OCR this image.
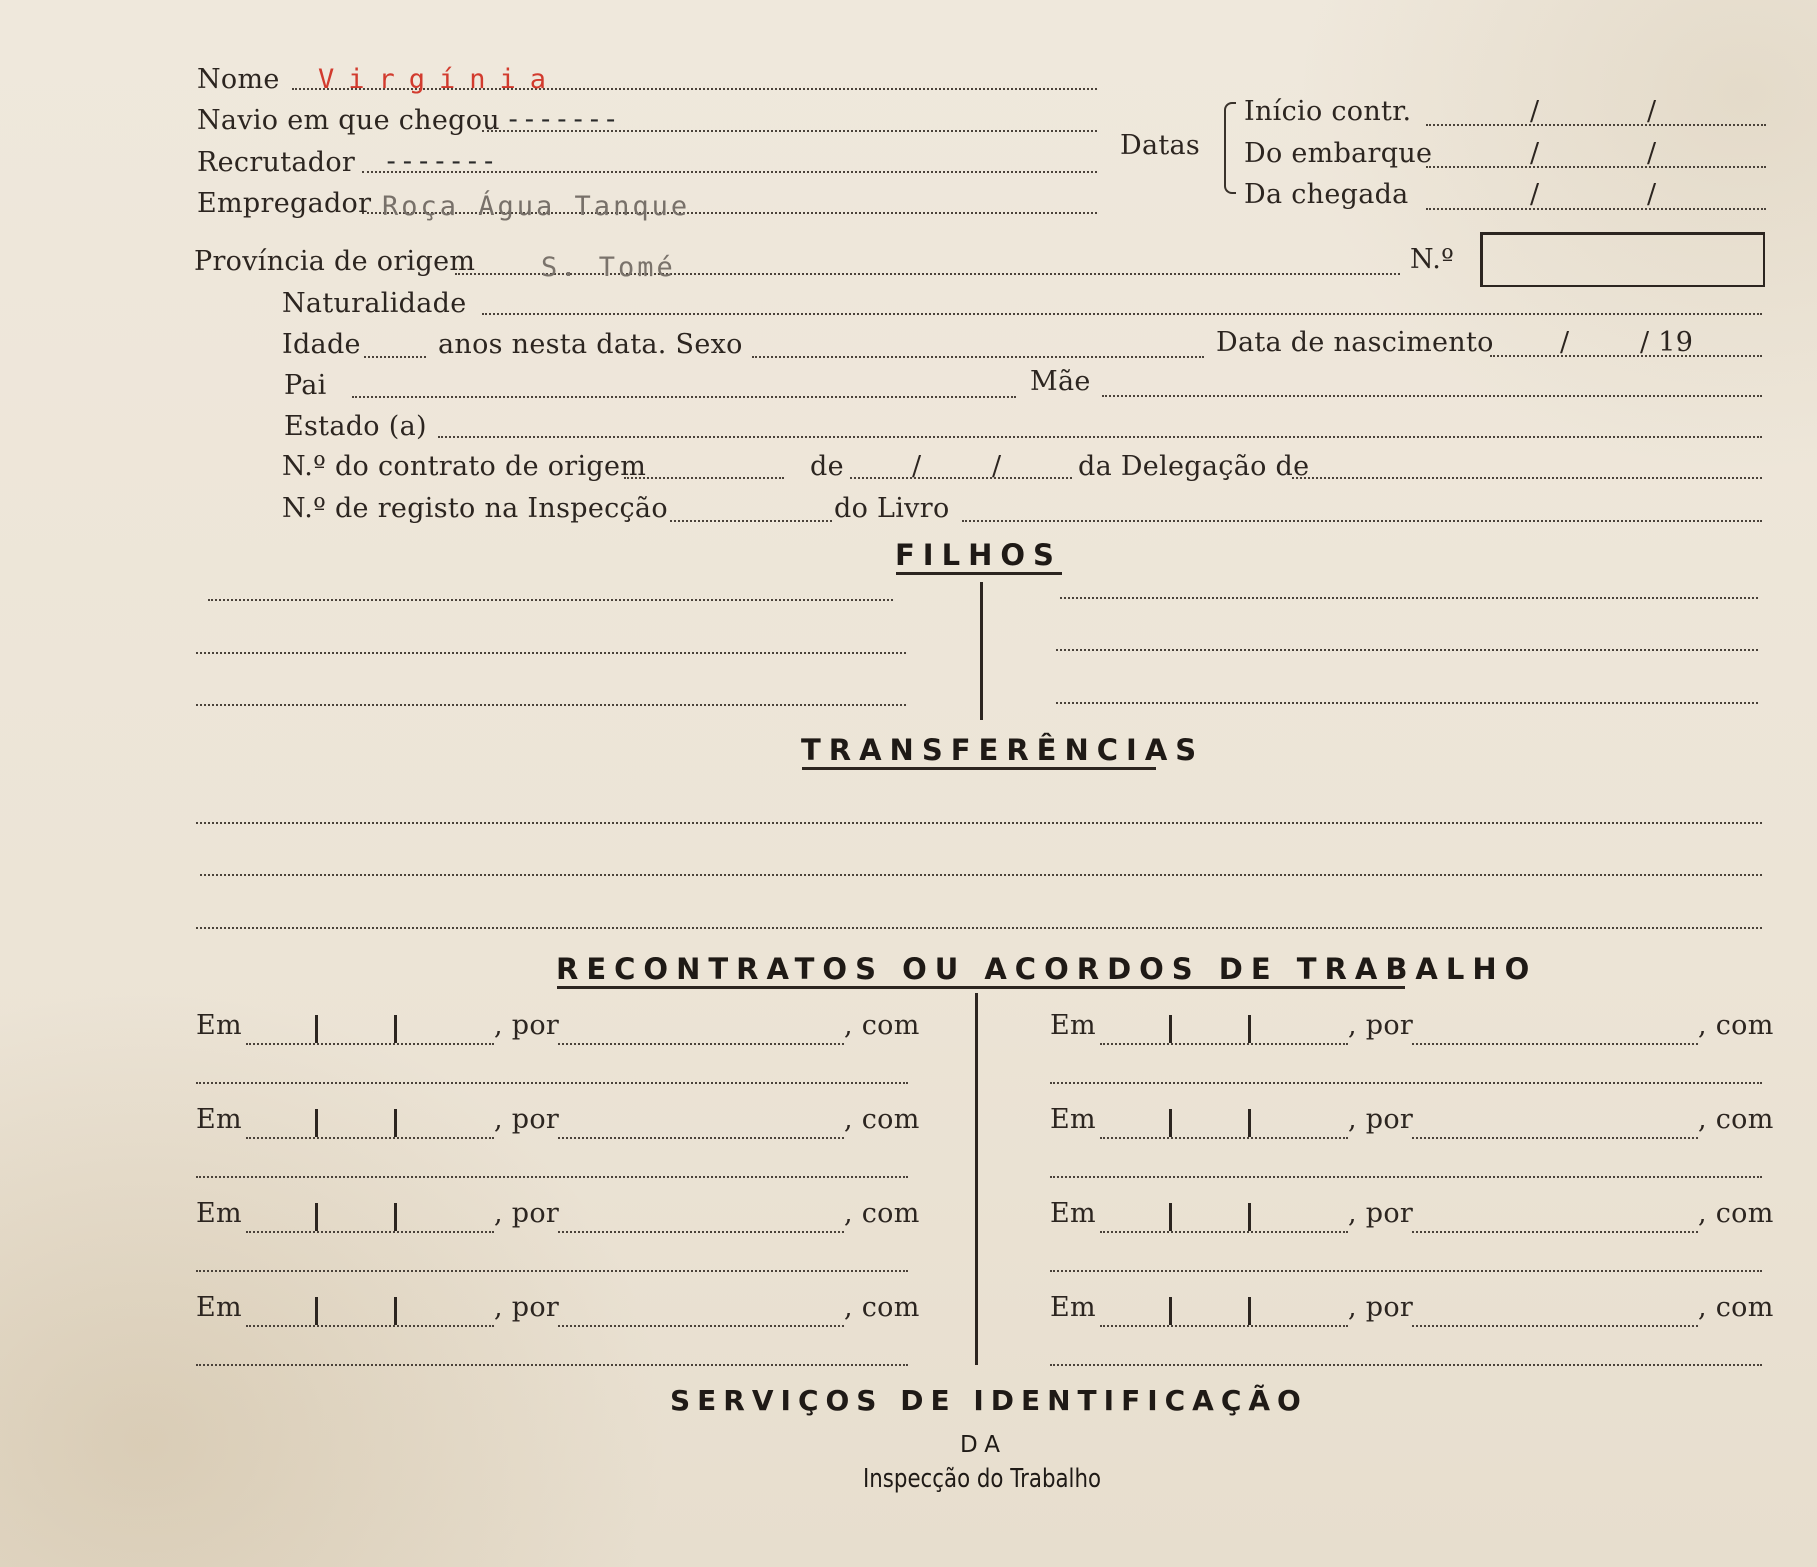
Nome Virgínia
Navio em que chegou -------
Recrutador -------
Empregador Roça Água Tanque
Datas
Início contr.	/	/
Do embarque	/	/
Da chegada	/	/
Província de origem S. Tomé	N.º
Naturalidade
Idade	anos nesta data. Sexo	Data de nascimento /	/ 19
Pai	Mãe
Estado (a)
N.º do contrato de origem	de	/	/	da Delegação de
N.º de registo na Inspecção	do Livro
FILHOS
TRANSFERÊNCIAS
RECONTRATOS OU ACORDOS DE TRABALHO
Em	, por	, com
Em	, por	, com
Em	, por	, com
Em	, por	, com
Em	, por	, com
Em	, por	, com
Em	, por	, com
Em	, por	, com
SERVIÇOS DE IDENTIFICAÇÃO
DA
Inspecção do Trabalho
